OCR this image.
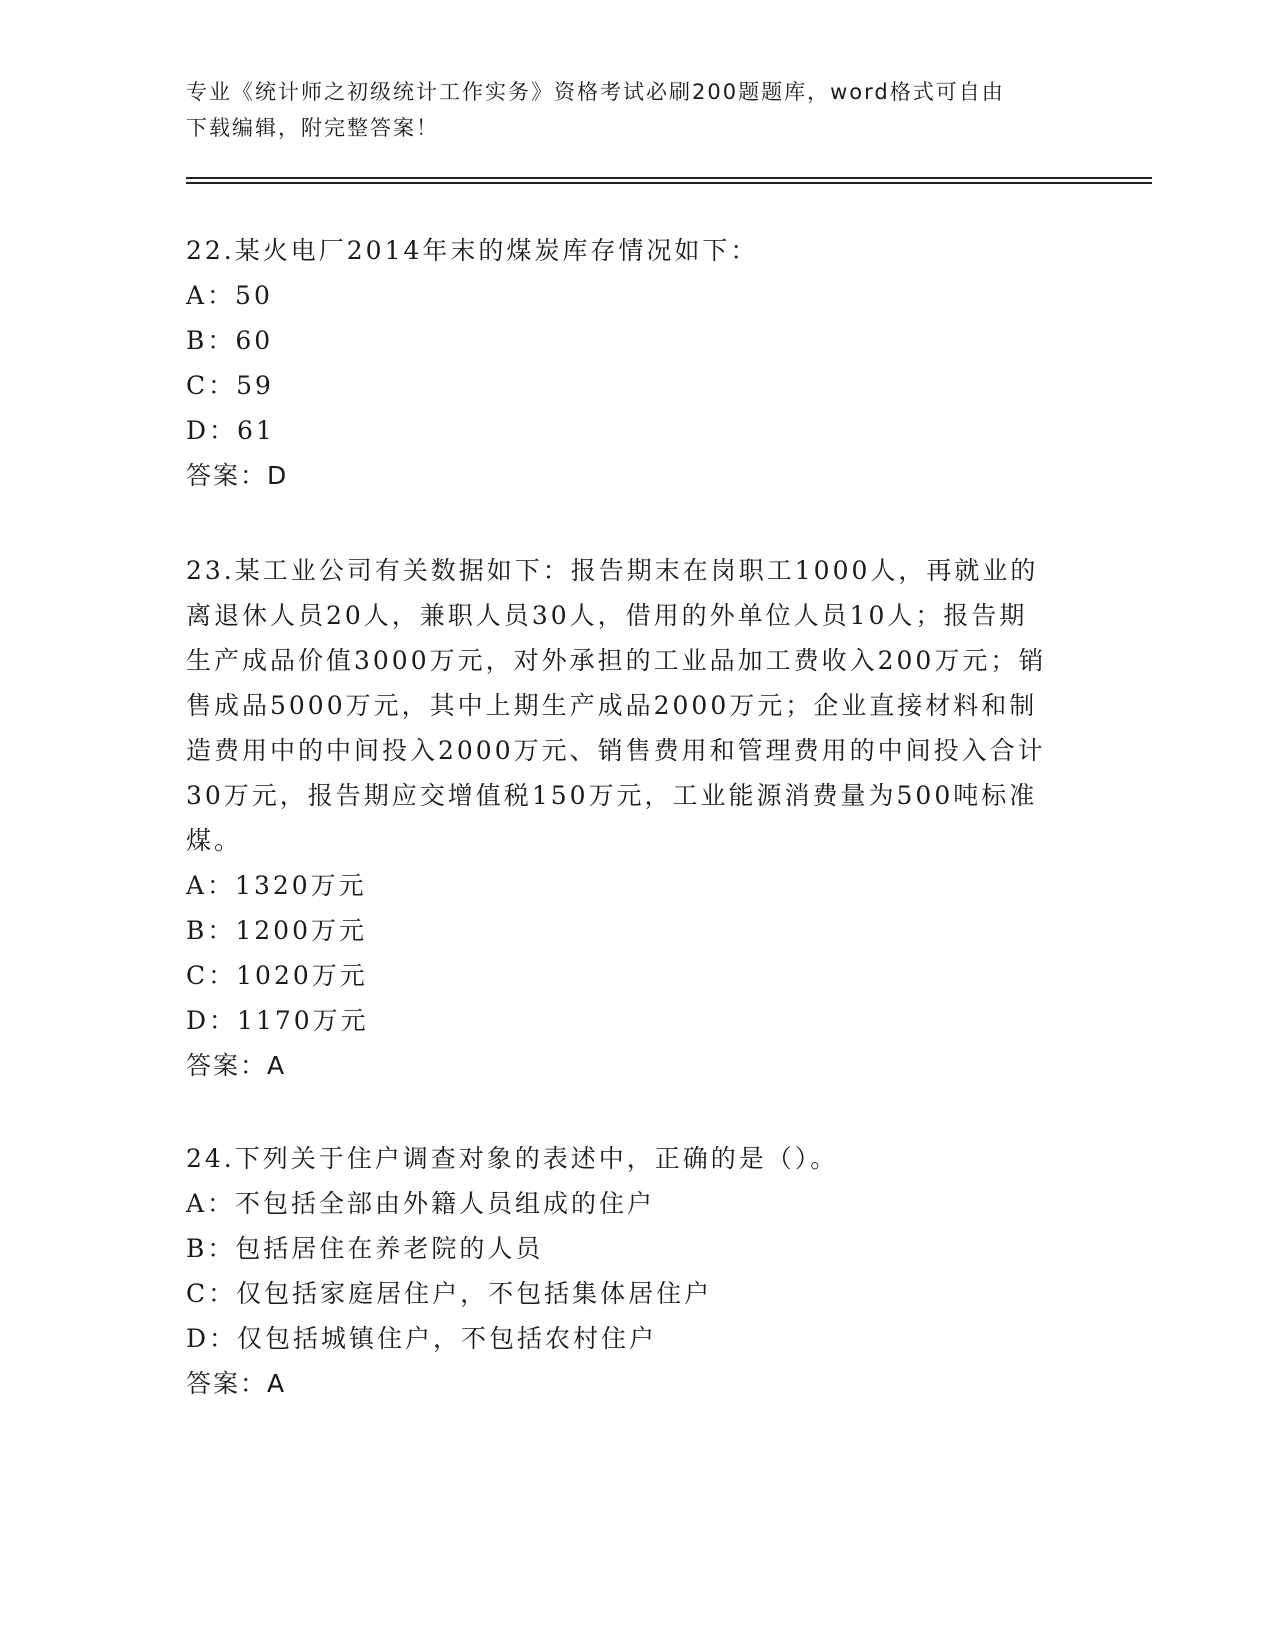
专业《统计师之初级统计工作实务》资格考试必刷200题题库，word格式可自由
下载编辑，附完整答案！

22.某火电厂2014年末的煤炭库存情况如下：

A：50

B：60

C：59

D：61

答案：D

23.某工业公司有关数据如下：报告期末在岗职工1000人，再就业的

离退休人员20人，兼职人员30人，借用的外单位人员10人；报告期

生产成品价值3000万元，对外承担的工业品加工费收入200万元；销

售成品5000万元，其中上期生产成品2000万元；企业直接材料和制

造费用中的中间投入2000万元、销售费用和管理费用的中间投入合计

30万元，报告期应交增值税150万元，工业能源消费量为500吨标准

煤。

A：1320万元

B：1200万元

C：1020万元

D：1170万元

答案：A

24.下列关于住户调查对象的表述中，正确的是（）。

A：不包括全部由外籍人员组成的住户

B：包括居住在养老院的人员

C：仅包括家庭居住户，不包括集体居住户

D：仅包括城镇住户，不包括农村住户

答案：A
